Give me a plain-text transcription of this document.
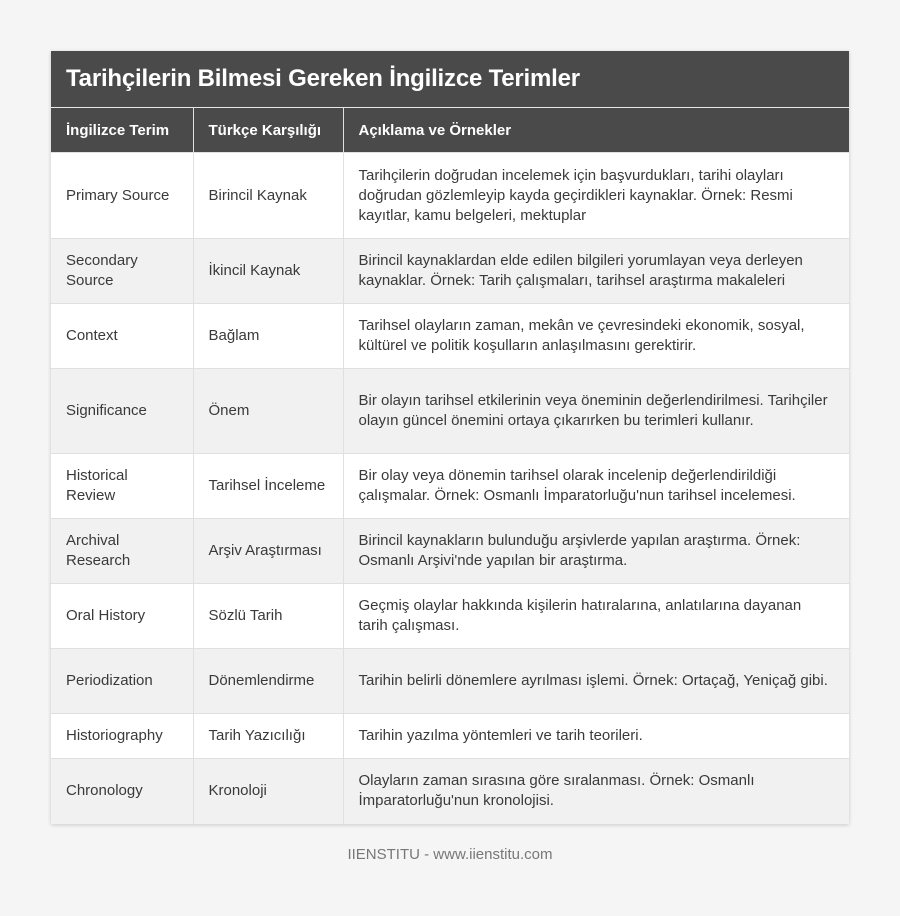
Tarihçilerin Bilmesi Gereken İngilizce Terimler
İngilizce Terim	Türkçe Karşılığı	Açıklama ve Örnekler
Primary Source	Birincil Kaynak	Tarihçilerin doğrudan incelemek için başvurdukları, tarihi olayları doğrudan gözlemleyip kayda geçirdikleri kaynaklar. Örnek: Resmi kayıtlar, kamu belgeleri, mektuplar
Secondary Source	İkincil Kaynak	Birincil kaynaklardan elde edilen bilgileri yorumlayan veya derleyen kaynaklar. Örnek: Tarih çalışmaları, tarihsel araştırma makaleleri
Context	Bağlam	Tarihsel olayların zaman, mekân ve çevresindeki ekonomik, sosyal, kültürel ve politik koşulların anlaşılmasını gerektirir.
Significance	Önem	Bir olayın tarihsel etkilerinin veya öneminin değerlendirilmesi. Tarihçiler olayın güncel önemini ortaya çıkarırken bu terimleri kullanır.
Historical Review	Tarihsel İnceleme	Bir olay veya dönemin tarihsel olarak incelenip değerlendirildiği çalışmalar. Örnek: Osmanlı İmparatorluğu'nun tarihsel incelemesi.
Archival Research	Arşiv Araştırması	Birincil kaynakların bulunduğu arşivlerde yapılan araştırma. Örnek: Osmanlı Arşivi'nde yapılan bir araştırma.
Oral History	Sözlü Tarih	Geçmiş olaylar hakkında kişilerin hatıralarına, anlatılarına dayanan tarih çalışması.
Periodization	Dönemlendirme	Tarihin belirli dönemlere ayrılması işlemi. Örnek: Ortaçağ, Yeniçağ gibi.
Historiography	Tarih Yazıcılığı	Tarihin yazılma yöntemleri ve tarih teorileri.
Chronology	Kronoloji	Olayların zaman sırasına göre sıralanması. Örnek: Osmanlı İmparatorluğu'nun kronolojisi.
IIENSTITU - www.iienstitu.com
